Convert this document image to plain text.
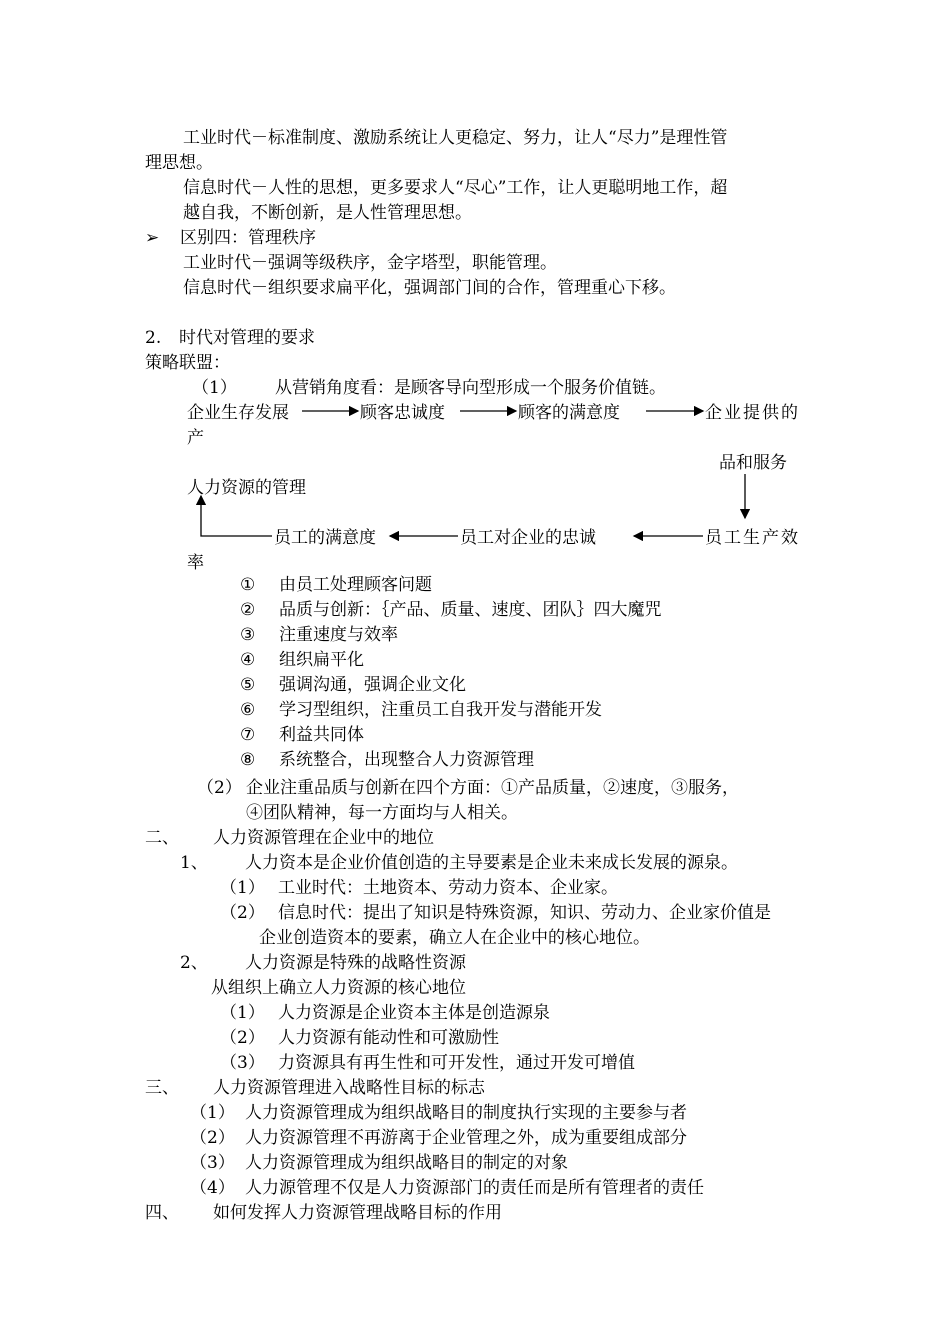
工业时代－标准制度、激励系统让人更稳定、努力，让人“尽力”是理性管
理思想。
信息时代－人性的思想，更多要求人“尽心”工作，让人更聪明地工作，超
越自我，不断创新，是人性管理思想。
➢ 区别四：管理秩序
工业时代－强调等级秩序，金字塔型，职能管理。
信息时代－组织要求扁平化，强调部门间的合作，管理重心下移。
2. 时代对管理的要求
策略联盟：
（1） 从营销角度看：是顾客导向型形成一个服务价值链。
企业生存发展	顾客忠诚度	顾客的满意度	企业提供的
产
品和服务
人力资源的管理
员工的满意度	员工对企业的忠诚	员工生产效
率
① 由员工处理顾客问题
② 品质与创新：｛产品、质量、速度、团队｝四大魔咒
③ 注重速度与效率
④ 组织扁平化
⑤ 强调沟通，强调企业文化
⑥ 学习型组织，注重员工自我开发与潜能开发
⑦ 利益共同体
⑧ 系统整合，出现整合人力资源管理
（2） 企业注重品质与创新在四个方面：①产品质量，②速度，③服务，
④团队精神，每一方面均与人相关。
二、 人力资源管理在企业中的地位
1、 人力资本是企业价值创造的主导要素是企业未来成长发展的源泉。
（1） 工业时代：土地资本、劳动力资本、企业家。
（2） 信息时代：提出了知识是特殊资源，知识、劳动力、企业家价值是
企业创造资本的要素，确立人在企业中的核心地位。
2、 人力资源是特殊的战略性资源
从组织上确立人力资源的核心地位
（1） 人力资源是企业资本主体是创造源泉
（2） 人力资源有能动性和可激励性
（3） 力资源具有再生性和可开发性，通过开发可增值
三、 人力资源管理进入战略性目标的标志
（1） 人力资源管理成为组织战略目的制度执行实现的主要参与者
（2） 人力资源管理不再游离于企业管理之外，成为重要组成部分
（3） 人力资源管理成为组织战略目的制定的对象
（4） 人力源管理不仅是人力资源部门的责任而是所有管理者的责任
四、 如何发挥人力资源管理战略目标的作用
